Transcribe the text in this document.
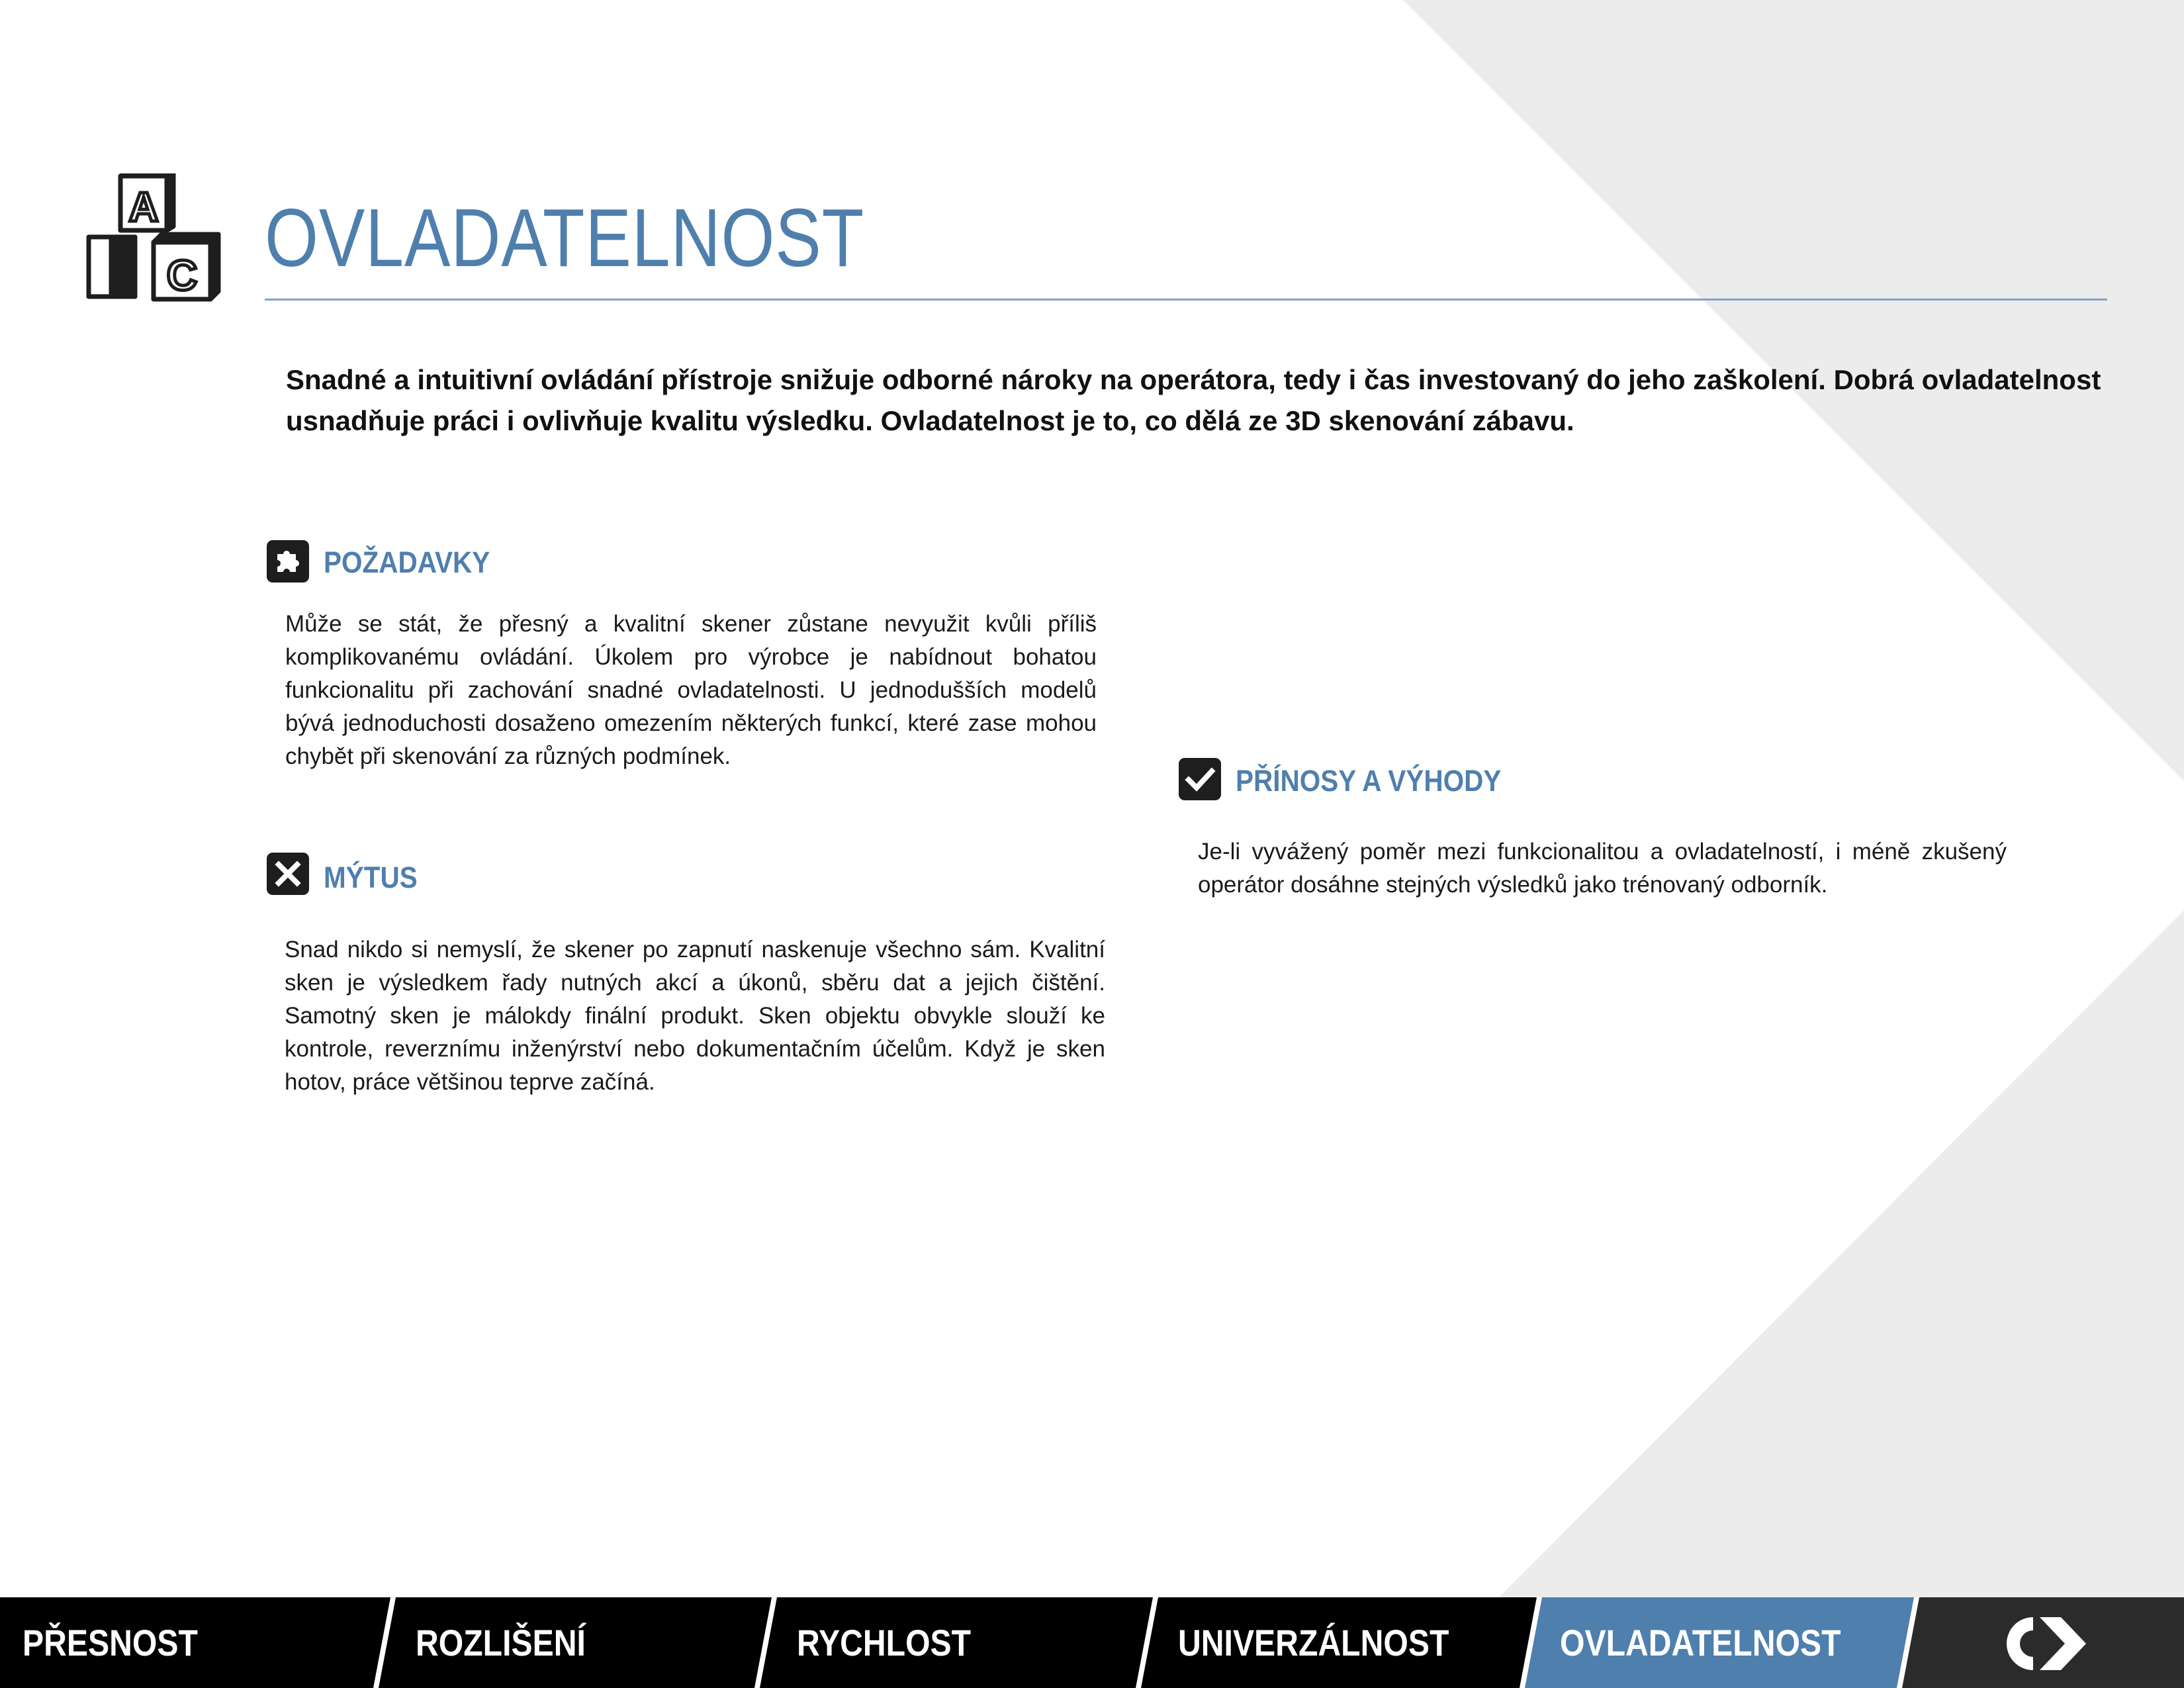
A
C OVLADATELNOST

Snadné a intuitivní ovládání přístroje snižuje odborné nároky na operátora, tedy i čas investovaný do jeho zaškolení. Dobrá ovladatelnost usnadňuje práci i ovlivňuje kvalitu výsledku. Ovladatelnost je to, co dělá ze 3D skenování zábavu.

POŽADAVKY

Může se stát, že přesný a kvalitní skener zůstane nevyužit kvůli příliš komplikovanému ovládání. Úkolem pro výrobce je nabídnout bohatou funkcionalitu při zachování snadné ovladatelnosti. U jednodušších modelů bývá jednoduchosti dosaženo omezením některých funkcí, které zase mohou chybět při skenování za různých podmínek.

MÝTUS

Snad nikdo si nemyslí, že skener po zapnutí naskenuje všechno sám. Kvalitní sken je výsledkem řady nutných akcí a úkonů, sběru dat a jejich čištění. Samotný sken je málokdy finální produkt. Sken objektu obvykle slouží ke kontrole, reverznímu inženýrství nebo dokumentačním účelům. Když je sken hotov, práce většinou teprve začíná.

PŘÍNOSY A VÝHODY

Je-li vyvážený poměr mezi funkcionalitou a ovladatelností, i méně zkušený operátor dosáhne stejných výsledků jako trénovaný odborník.

PŘESNOST	ROZLIŠENÍ	RYCHLOST	UNIVERZÁLNOST	OVLADATELNOST
